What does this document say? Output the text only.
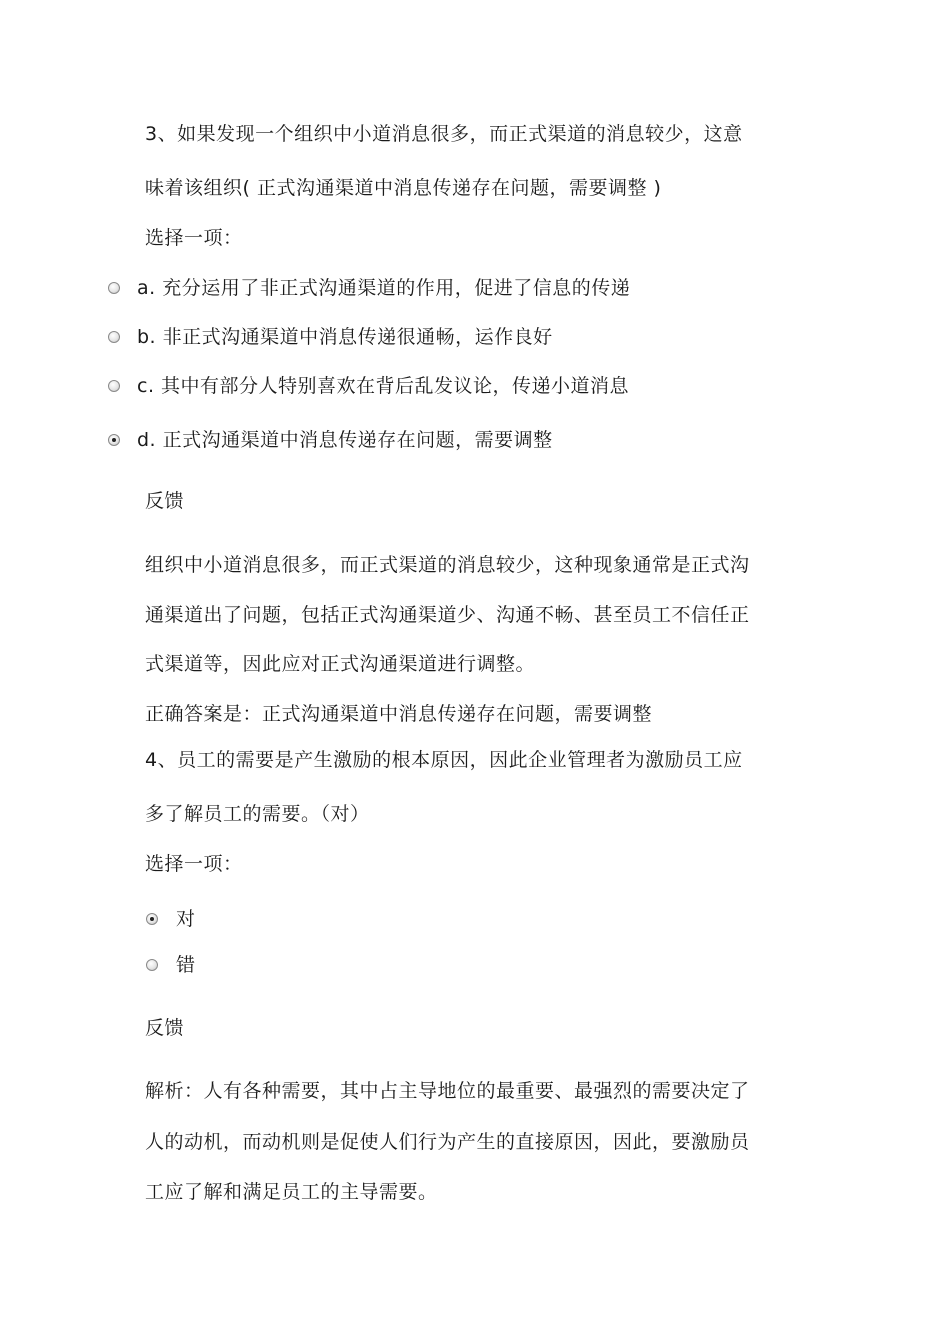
3、如果发现一个组织中小道消息很多，而正式渠道的消息较少，这意
味着该组织( 正式沟通渠道中消息传递存在问题，需要调整 )
选择一项：
a. 充分运用了非正式沟通渠道的作用，促进了信息的传递
b. 非正式沟通渠道中消息传递很通畅，运作良好
c. 其中有部分人特别喜欢在背后乱发议论，传递小道消息
d. 正式沟通渠道中消息传递存在问题，需要调整
反馈
组织中小道消息很多，而正式渠道的消息较少，这种现象通常是正式沟
通渠道出了问题，包括正式沟通渠道少、沟通不畅、甚至员工不信任正
式渠道等，因此应对正式沟通渠道进行调整。
正确答案是：正式沟通渠道中消息传递存在问题，需要调整
4、员工的需要是产生激励的根本原因，因此企业管理者为激励员工应
多了解员工的需要。（对）
选择一项：
对
错
反馈
解析：人有各种需要，其中占主导地位的最重要、最强烈的需要决定了
人的动机，而动机则是促使人们行为产生的直接原因，因此，要激励员
工应了解和满足员工的主导需要。
